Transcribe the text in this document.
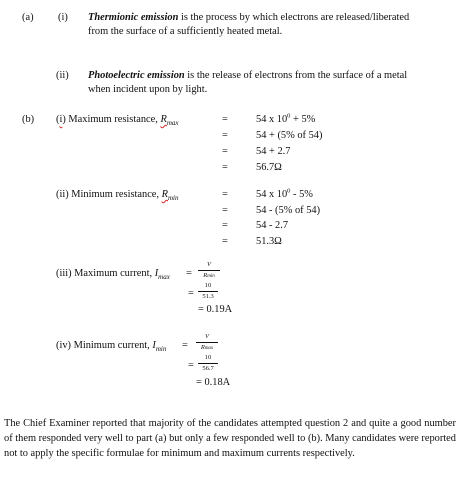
(a) (i) Thermionic emission is the process by which electrons are released/liberated
from the surface of a sufficiently heated metal.
(ii) Photoelectric emission is the release of electrons from the surface of a metal
when incident upon by light.
(b) (i) Maximum resistance, $R_{max}$	=
=
=
=
54 x $10^0 + 5\%$
54 + (5% of 54)
54 + 2.7
56.7Ω
(ii) Minimum resistance, $R_{min}$	=
=
=
=
54 x $10^0 - 5\%$
54 - (5% of 54)
54 - 2.7
51.3Ω
(iii) Maximum current, $I_{max}$ =
V
Rmin
=
10
51.3
= 0.19A
(iv) Minimum current, $I_{min}$ =
V
Rmax
=
10
56.7
= 0.18A
The Chief Examiner reported that majority of the candidates attempted question 2 and quite a good number of them responded very well to part (a) but only a few responded well to (b). Many candidates were reported not to apply the specific formulae for minimum and maximum currents respectively.
